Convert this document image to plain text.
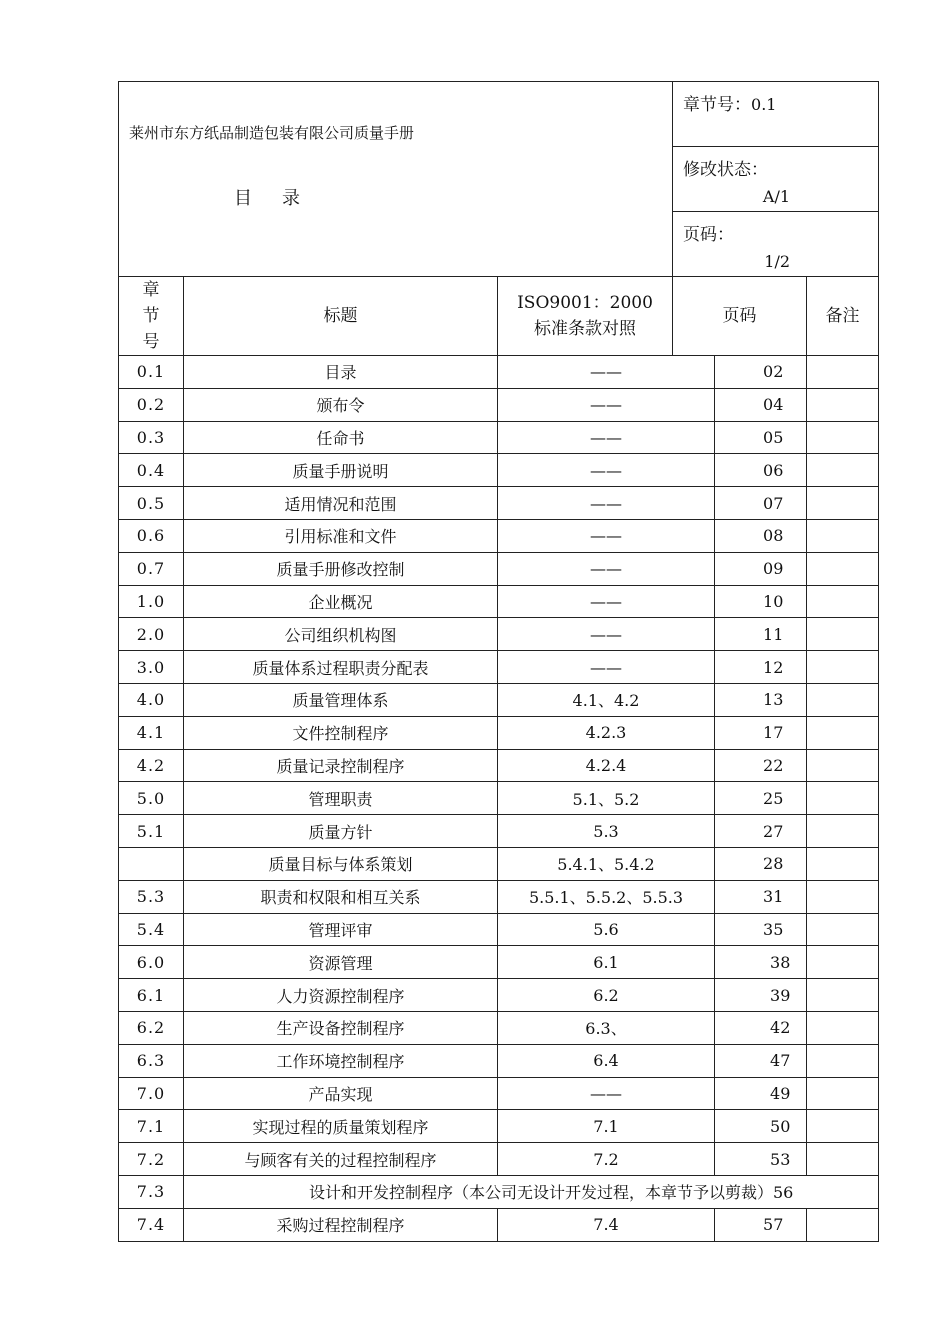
莱州市东方纸品制造包装有限公司质量手册
目 录			章节号：0.1		

			修改状态：
A/1		

			页码：
1/2		

章节号	标题	ISO9001：2000标准条款对照	页码		备注
0.1	目录	——		02	
0.2	颁布令	——		04	
0.3	任命书	——		05	
0.4	质量手册说明	——		06	
0.5	适用情况和范围	——		07	
0.6	引用标准和文件	——		08	
0.7	质量手册修改控制	——		09	
1.0	企业概况	——		10	
2.0	公司组织机构图	——		11	
3.0	质量体系过程职责分配表	——		12	
4.0	质量管理体系	4.1、4.2		13	
4.1	文件控制程序	4.2.3		17	
4.2	质量记录控制程序	4.2.4		22	
5.0	管理职责	5.1、5.2		25	
5.1	质量方针	5.3		27	
	质量目标与体系策划	5.4.1、5.4.2		28	
5.3	职责和权限和相互关系	5.5.1、5.5.2、5.5.3		31	
5.4	管理评审	5.6		35	
6.0	资源管理	6.1		38	
6.1	人力资源控制程序	6.2		39	
6.2	生产设备控制程序	6.3、		42	
6.3	工作环境控制程序	6.4		47	
7.0	产品实现	——		49	
7.1	实现过程的质量策划程序	7.1		50	
7.2	与顾客有关的过程控制程序	7.2		53	
7.3	设计和开发控制程序（本公司无设计开发过程，本章节予以剪裁）56				
7.4	采购过程控制程序	7.4		57	
